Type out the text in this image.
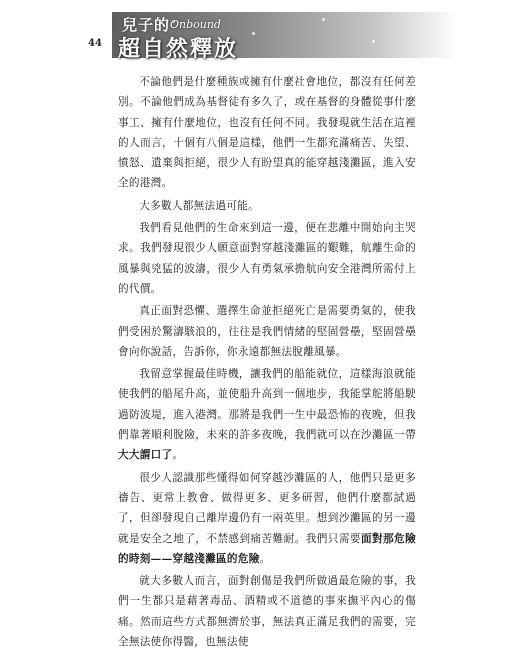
44
兒子的 Onbound
超自然釋放

不論他們是什麼種族或擁有什麼社會地位，都沒有任何差別。不論他們成為基督徒有多久了，或在基督的身體從事什麼事工、擁有什麼地位，也沒有任何不同。我發現就生活在這裡的人而言，十個有八個是這樣，他們一生都充滿痛苦、失望、憤怒、遺棄與拒絕，很少人有盼望真的能穿越淺灘區，進入安全的港灣。

大多數人都無法過可能。

我們看見他們的生命來到這一邊，便在悲離中開始向主哭求。我們發現很少人願意面對穿越淺灘區的艱難，航離生命的風暴與兇猛的波濤，很少人有勇氣承擔航向安全港灣所需付上的代價。

真正面對恐懼、選擇生命並拒絕死亡是需要勇氣的，使我們受困於驚濤駭浪的，往往是我們情緒的堅固營壘，堅固營壘會向你說話，告訴你，你永遠都無法脫離風暴。

我留意掌握最佳時機，讓我們的船能就位，這樣海浪就能使我們的船尾升高，並使船升高到一個地步，我能掌舵將船駛過防波堤，進入港灣。那將是我們一生中最恐怖的夜晚，但我們靠著順利脫險，未來的許多夜晚，我們就可以在沙灘區一帶大大謂口了。

很少人認識那些懂得如何穿越沙灘區的人，他們只是更多禱告、更常上教會、做得更多、更多研習，他們什麼都試過了，但卻發現自己離岸邊仍有一兩英里。想到沙灘區的另一邊就是安全之地了，不禁感到痛苦難耐。我們只需要面對那危險的時刻——穿越淺灘區的危險。

就大多數人而言，面對創傷是我們所做過最危險的事，我們一生都只是藉著毒品、酒精或不道德的事來撫平內心的傷痛。然而這些方式都無濟於事，無法真正滿足我們的需要，完全無法使你得醫，也無法使
